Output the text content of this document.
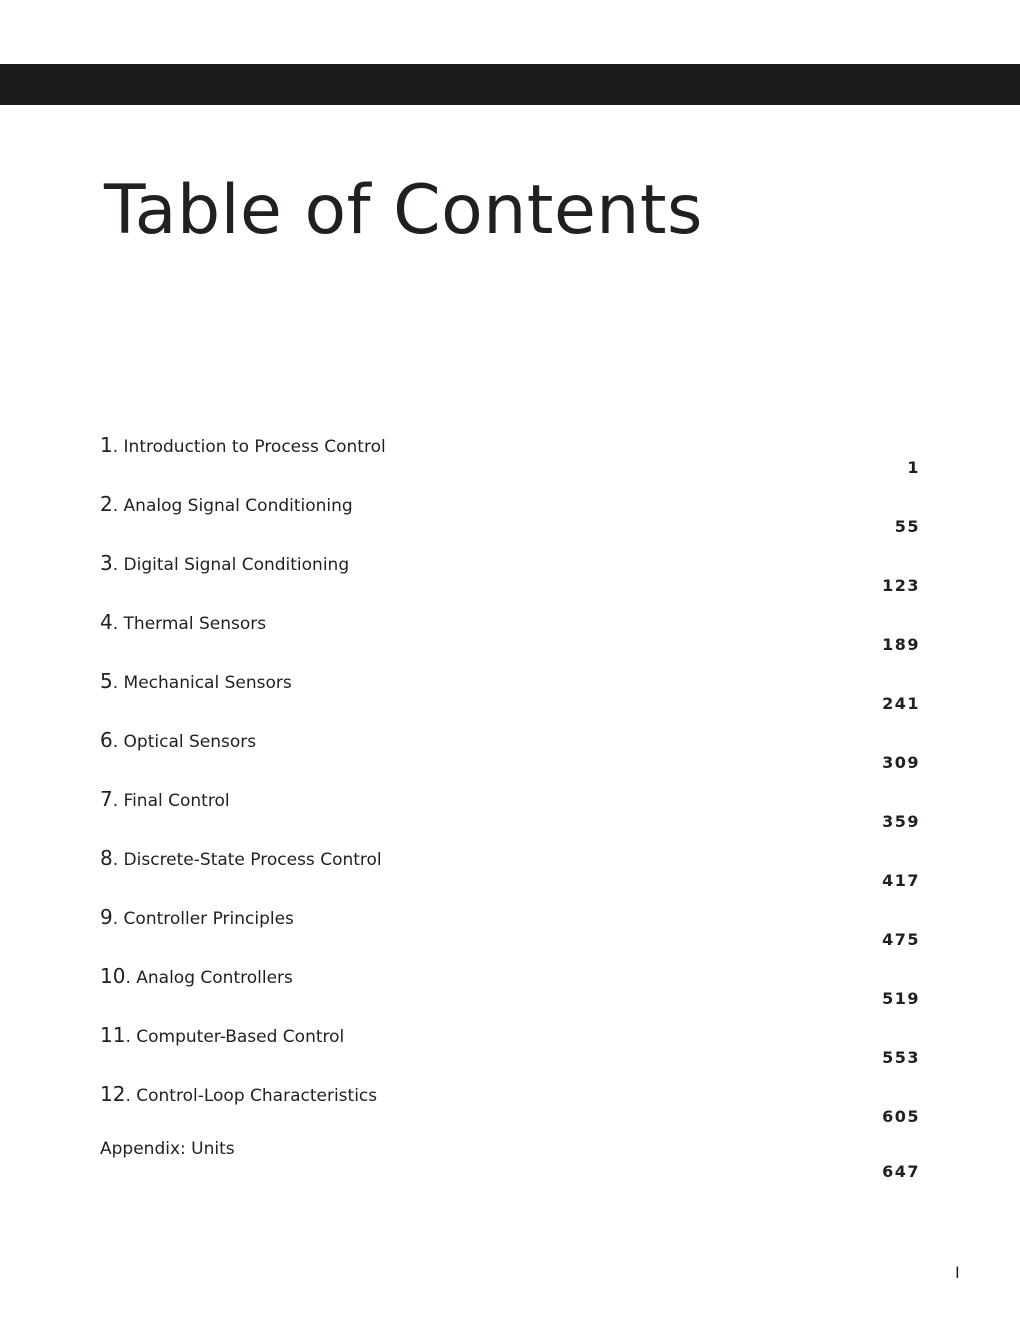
Table of Contents
1. Introduction to Process Control
1
2. Analog Signal Conditioning
55
3. Digital Signal Conditioning
123
4. Thermal Sensors
189
5. Mechanical Sensors
241
6. Optical Sensors
309
7. Final Control
359
8. Discrete-State Process Control
417
9. Controller Principles
475
10. Analog Controllers
519
11. Computer-Based Control
553
12. Control-Loop Characteristics
605
Appendix: Units
647
I
